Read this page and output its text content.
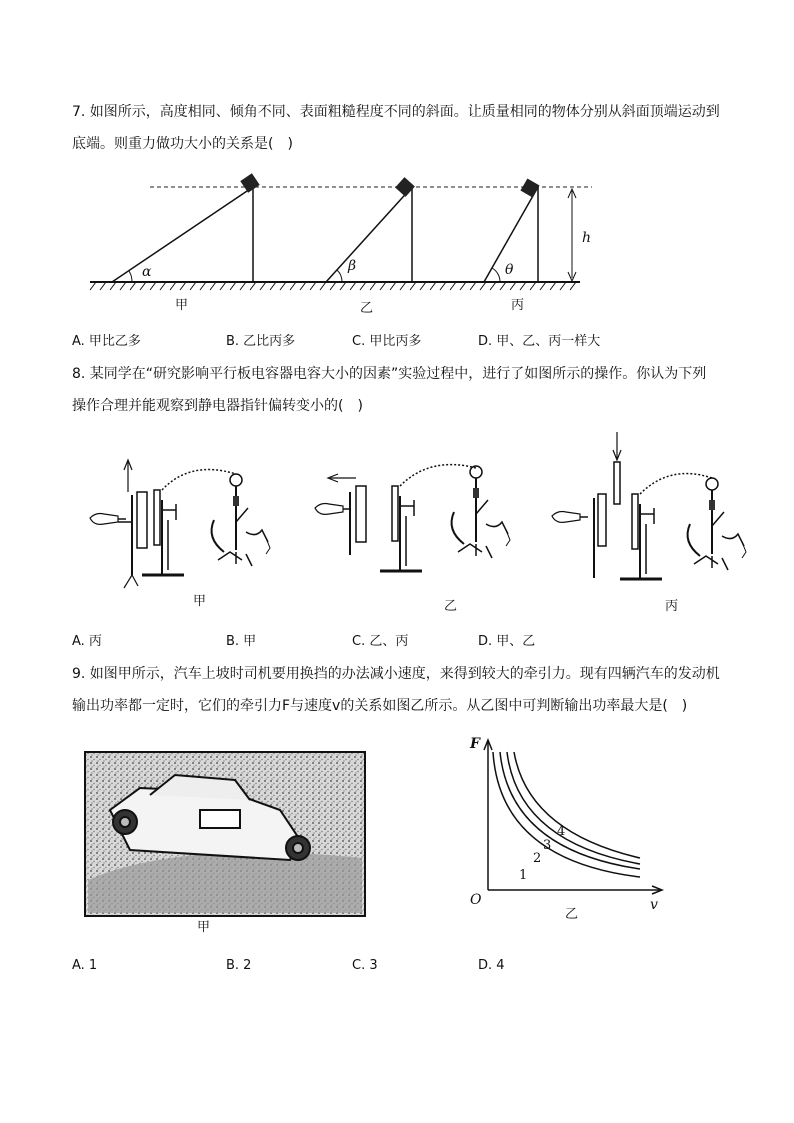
7. 如图所示，高度相同、倾角不同、表面粗糙程度不同的斜面。让质量相同的物体分别从斜面顶端运动到
底端。则重力做功大小的关系是(　)
α	β	θ
h
甲	乙	丙
A. 甲比乙多	B. 乙比丙多	C. 甲比丙多	D. 甲、乙、丙一样大
8. 某同学在“研究影响平行板电容器电容大小的因素”实验过程中，进行了如图所示的操作。你认为下列
操作合理并能观察到静电器指针偏转变小的(　)
甲	乙	丙
A. 丙	B. 甲	C. 乙、丙	D. 甲、乙
9. 如图甲所示，汽车上坡时司机要用换挡的办法减小速度，来得到较大的牵引力。现有四辆汽车的发动机
输出功率都一定时，它们的牵引力F与速度v的关系如图乙所示。从乙图中可判断输出功率最大是(　)
甲
F
v
O
乙
1
2
3
4
A. 1	B. 2	C. 3	D. 4
